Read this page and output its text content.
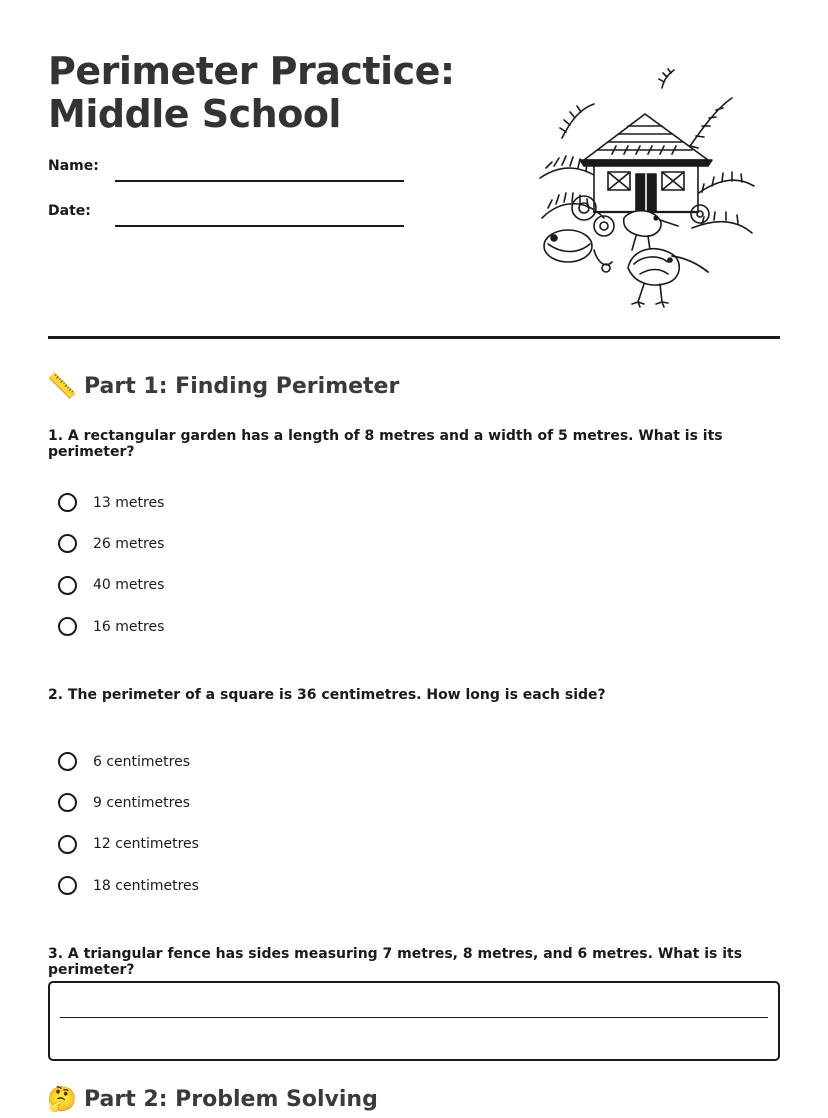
Perimeter Practice:
Middle School
Name:
Date:
📏 Part 1: Finding Perimeter
1. A rectangular garden has a length of 8 metres and a width of 5 metres. What is its perimeter?
13 metres
26 metres
40 metres
16 metres
2. The perimeter of a square is 36 centimetres. How long is each side?
6 centimetres
9 centimetres
12 centimetres
18 centimetres
3. A triangular fence has sides measuring 7 metres, 8 metres, and 6 metres. What is its perimeter?
🤔 Part 2: Problem Solving
